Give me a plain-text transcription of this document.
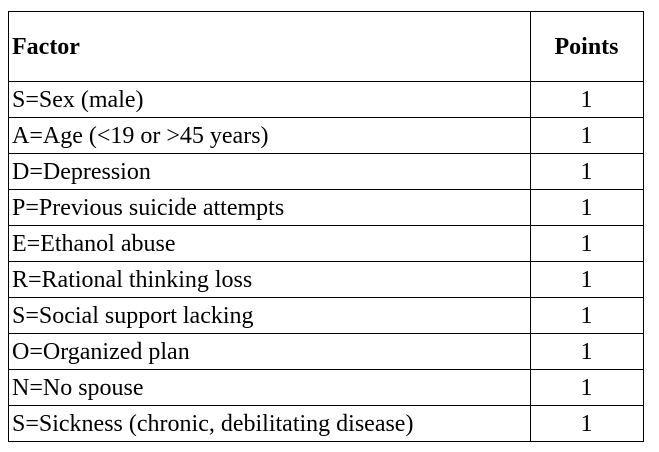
Factor	Points
S=Sex (male)	1
A=Age (<19 or >45 years)	1
D=Depression	1
P=Previous suicide attempts	1
E=Ethanol abuse	1
R=Rational thinking loss	1
S=Social support lacking	1
O=Organized plan	1
N=No spouse	1
S=Sickness (chronic, debilitating disease)	1
